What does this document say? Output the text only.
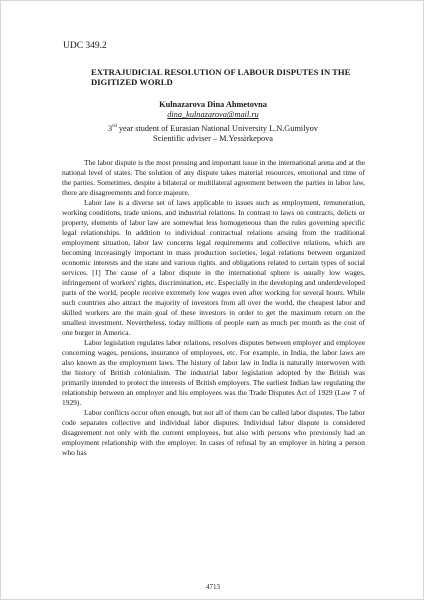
UDC 349.2
EXTRAJUDICIAL RESOLUTION OF LABOUR DISPUTES IN THE DIGITIZED WORLD
Kulnazarova Dina Ahmetovna
dina_kulnazarova@mail.ru
3rd year student of Eurasian National University L.N.Gumilyov
Scientific adviser – M.Yessirkepova

The labor dispute is the most pressing and important issue in the international arena and at the national level of states. The solution of any dispute takes material resources, emotional and time of the parties. Sometimes, despite a bilateral or multilateral agreement between the parties in labor law, there are disagreements and force majeure.

Labor law is a diverse set of laws applicable to issues such as employment, remuneration, working conditions, trade unions, and industrial relations. In contrast to laws on contracts, delicts or property, elements of labor law are somewhat less homogeneous than the rules governing specific legal relationships. In addition to individual contractual relations arising from the traditional employment situation, labor law concerns legal requirements and collective relations, which are becoming increasingly important in mass production societies, legal relations between organized economic interests and the state and various rights. and obligations related to certain types of social services. [1] The cause of a labor dispute in the international sphere is usually low wages, infringement of workers' rights, discrimination, etc. Especially in the developing and underdeveloped parts of the world, people receive extremely low wages even after working for several hours. While such countries also attract the majority of investors from all over the world, the cheapest labor and skilled workers are the main goal of these investors in order to get the maximum return on the smallest investment. Nevertheless, today millions of people earn as much per month as the cost of one burger in America.

Labor legislation regulates labor relations, resolves disputes between employer and employee concerning wages, pensions, insurance of employees, etc. For example, in India, the labor laws are also known as the employment laws. The history of labor law in India is naturally interwoven with the history of British colonialism. The industrial labor legislation adopted by the British was primarily intended to protect the interests of British employers. The earliest Indian law regulating the relationship between an employer and his employees was the Trade Disputes Act of 1929 (Law 7 of 1929).

Labor conflicts occur often enough, but not all of them can be called labor disputes. The labor code separates collective and individual labor disputes. Individual labor dispute is considered disagreement not only with the current employees, but also with persons who previously had an employment relationship with the employer. In cases of refusal by an employer in hiring a person who has

4713
